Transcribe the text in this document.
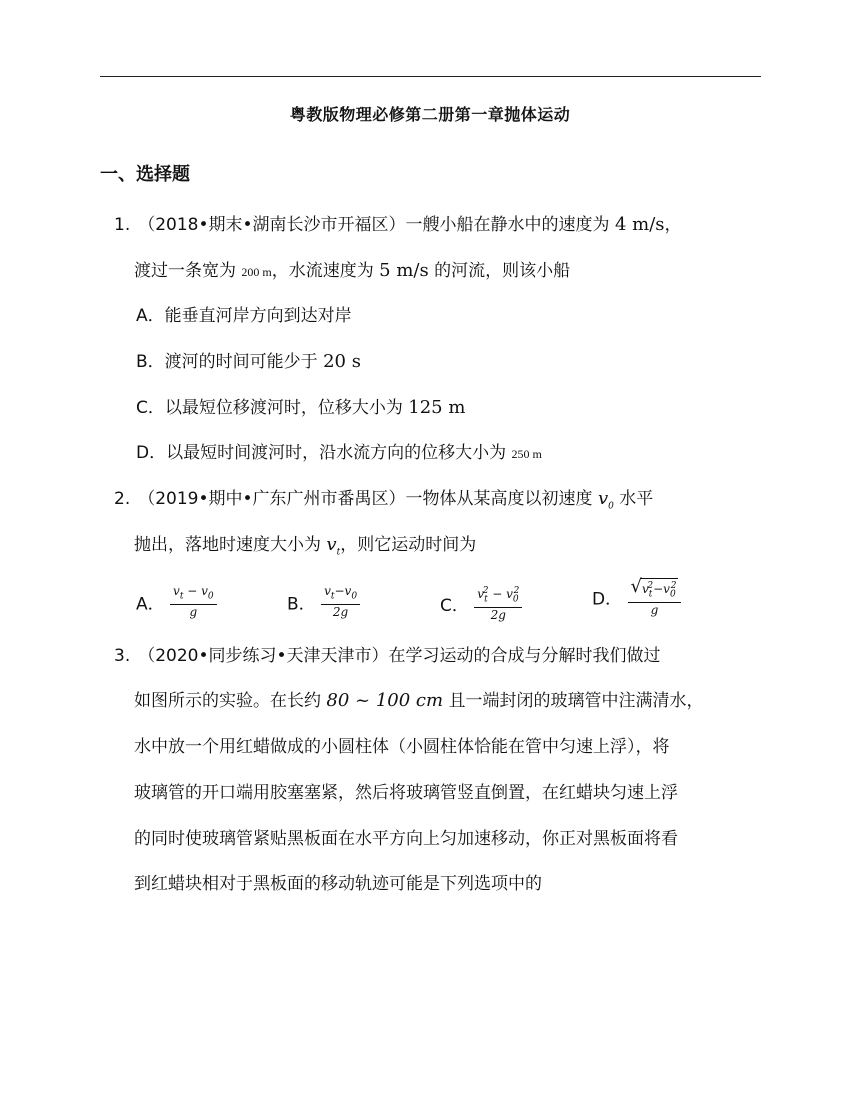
粤教版物理必修第二册第一章抛体运动
一、选择题
1. （2018•期末•湖南长沙市开福区）一艘小船在静水中的速度为 4 m/s，
渡过一条宽为 200 m，水流速度为 5 m/s 的河流，则该小船
A．能垂直河岸方向到达对岸
B．渡河的时间可能少于 20 s
C．以最短位移渡河时，位移大小为 125 m
D．以最短时间渡河时，沿水流方向的位移大小为 250 m
2. （2019•期中•广东广州市番禺区）一物体从某高度以初速度 $v_0$ 水平
抛出，落地时速度大小为 $v_t$，则它运动时间为
A． $\frac{v_t - v_0}{g}$	B． $\frac{v_t-v_0}{2g}$	C． $\frac{v_t^2 - v_0^2}{2g}$	D． $\frac{√v_t^2-v_0^2}{g}$
3. （2020•同步练习•天津天津市）在学习运动的合成与分解时我们做过
如图所示的实验。在长约 80 ~ 100 cm 且一端封闭的玻璃管中注满清水，
水中放一个用红蜡做成的小圆柱体（小圆柱体恰能在管中匀速上浮），将
玻璃管的开口端用胶塞塞紧，然后将玻璃管竖直倒置，在红蜡块匀速上浮
的同时使玻璃管紧贴黑板面在水平方向上匀加速移动，你正对黑板面将看
到红蜡块相对于黑板面的移动轨迹可能是下列选项中的
